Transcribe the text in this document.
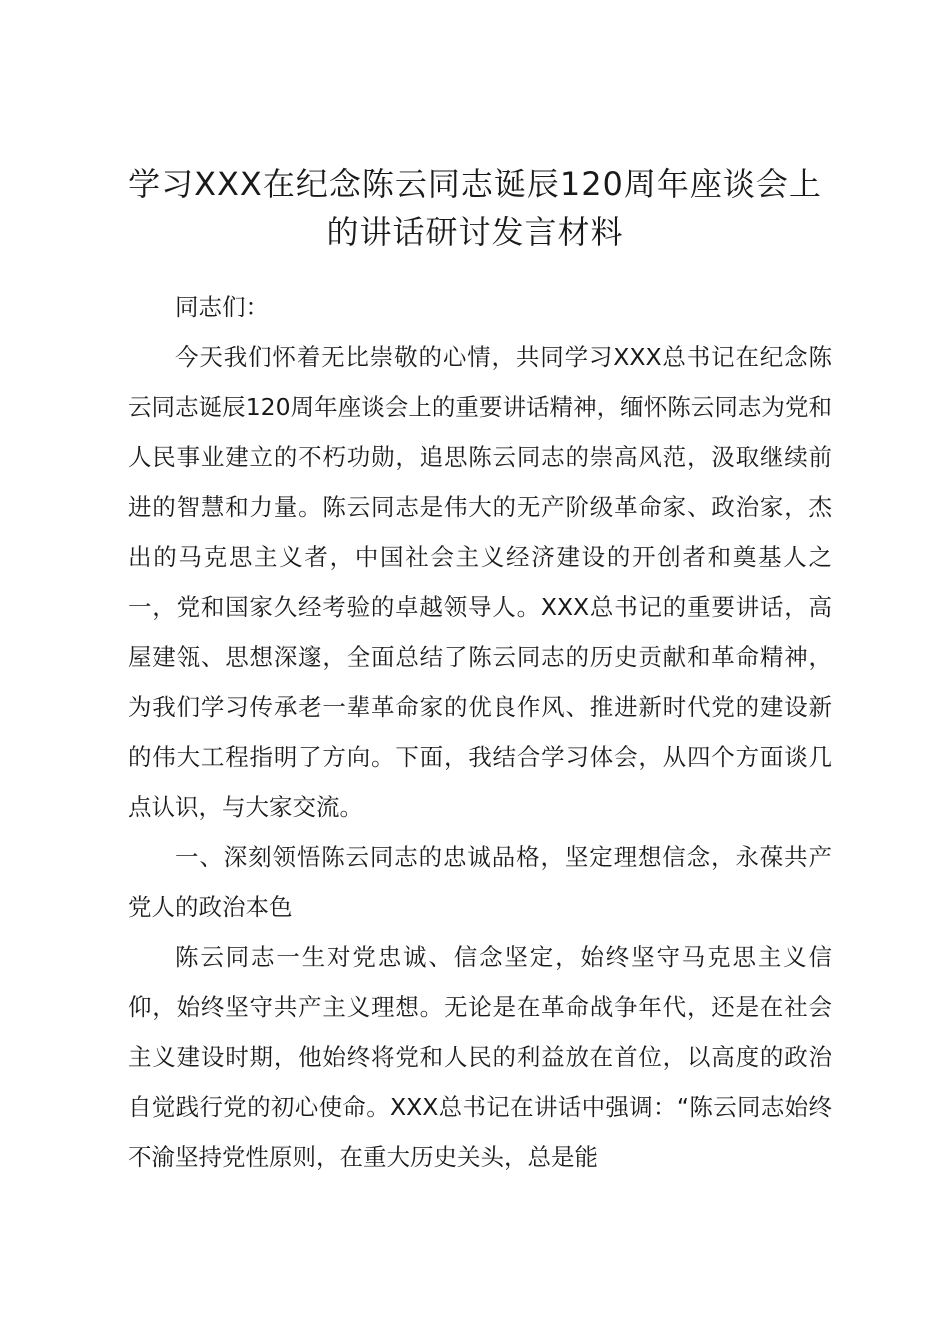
学习XXX在纪念陈云同志诞辰120周年座谈会上的讲话研讨发言材料

同志们：

今天我们怀着无比崇敬的心情，共同学习XXX总书记在纪念陈云同志诞辰120周年座谈会上的重要讲话精神，缅怀陈云同志为党和人民事业建立的不朽功勋，追思陈云同志的崇高风范，汲取继续前进的智慧和力量。陈云同志是伟大的无产阶级革命家、政治家，杰出的马克思主义者，中国社会主义经济建设的开创者和奠基人之一，党和国家久经考验的卓越领导人。XXX总书记的重要讲话，高屋建瓴、思想深邃，全面总结了陈云同志的历史贡献和革命精神，为我们学习传承老一辈革命家的优良作风、推进新时代党的建设新的伟大工程指明了方向。下面，我结合学习体会，从四个方面谈几点认识，与大家交流。

一、深刻领悟陈云同志的忠诚品格，坚定理想信念，永葆共产党人的政治本色

陈云同志一生对党忠诚、信念坚定，始终坚守马克思主义信仰，始终坚守共产主义理想。无论是在革命战争年代，还是在社会主义建设时期，他始终将党和人民的利益放在首位，以高度的政治自觉践行党的初心使命。XXX总书记在讲话中强调：“陈云同志始终不渝坚持党性原则，在重大历史关头，总是能
